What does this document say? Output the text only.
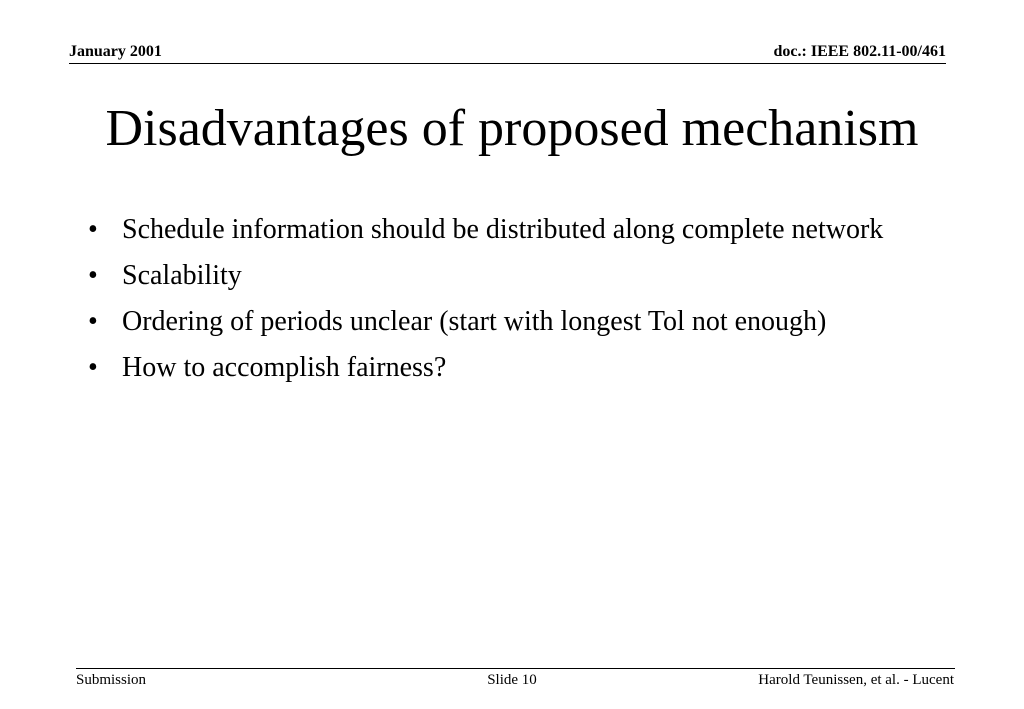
January 2001	doc.: IEEE 802.11-00/461
Disadvantages of proposed mechanism
• Schedule information should be distributed along complete network
• Scalability
• Ordering of periods unclear (start with longest Tol not enough)
• How to accomplish fairness?
Submission	Slide 10	Harold Teunissen, et al. - Lucent
